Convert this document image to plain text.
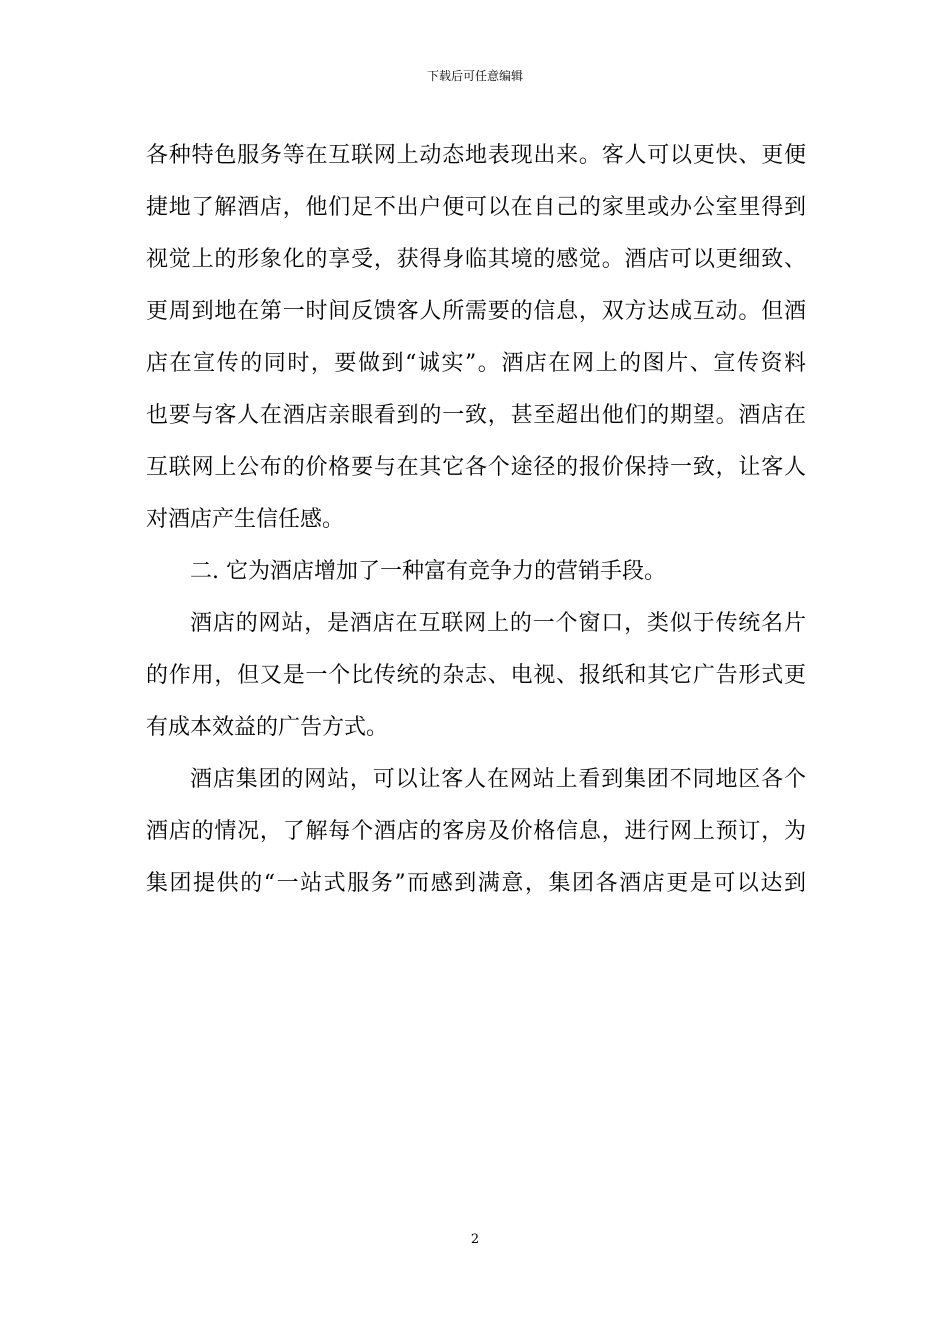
下载后可任意编辑
各种特色服务等在互联网上动态地表现出来。客人可以更快、更便
捷地了解酒店，他们足不出户便可以在自己的家里或办公室里得到
视觉上的形象化的享受，获得身临其境的感觉。酒店可以更细致、
更周到地在第一时间反馈客人所需要的信息，双方达成互动。但酒
店在宣传的同时，要做到“诚实”。酒店在网上的图片、宣传资料
也要与客人在酒店亲眼看到的一致，甚至超出他们的期望。酒店在
互联网上公布的价格要与在其它各个途径的报价保持一致，让客人
对酒店产生信任感。
二. 它为酒店增加了一种富有竞争力的营销手段。
酒店的网站，是酒店在互联网上的一个窗口，类似于传统名片
的作用，但又是一个比传统的杂志、电视、报纸和其它广告形式更
有成本效益的广告方式。
酒店集团的网站，可以让客人在网站上看到集团不同地区各个
酒店的情况，了解每个酒店的客房及价格信息，进行网上预订，为
集团提供的“一站式服务”而感到满意，集团各酒店更是可以达到
2
